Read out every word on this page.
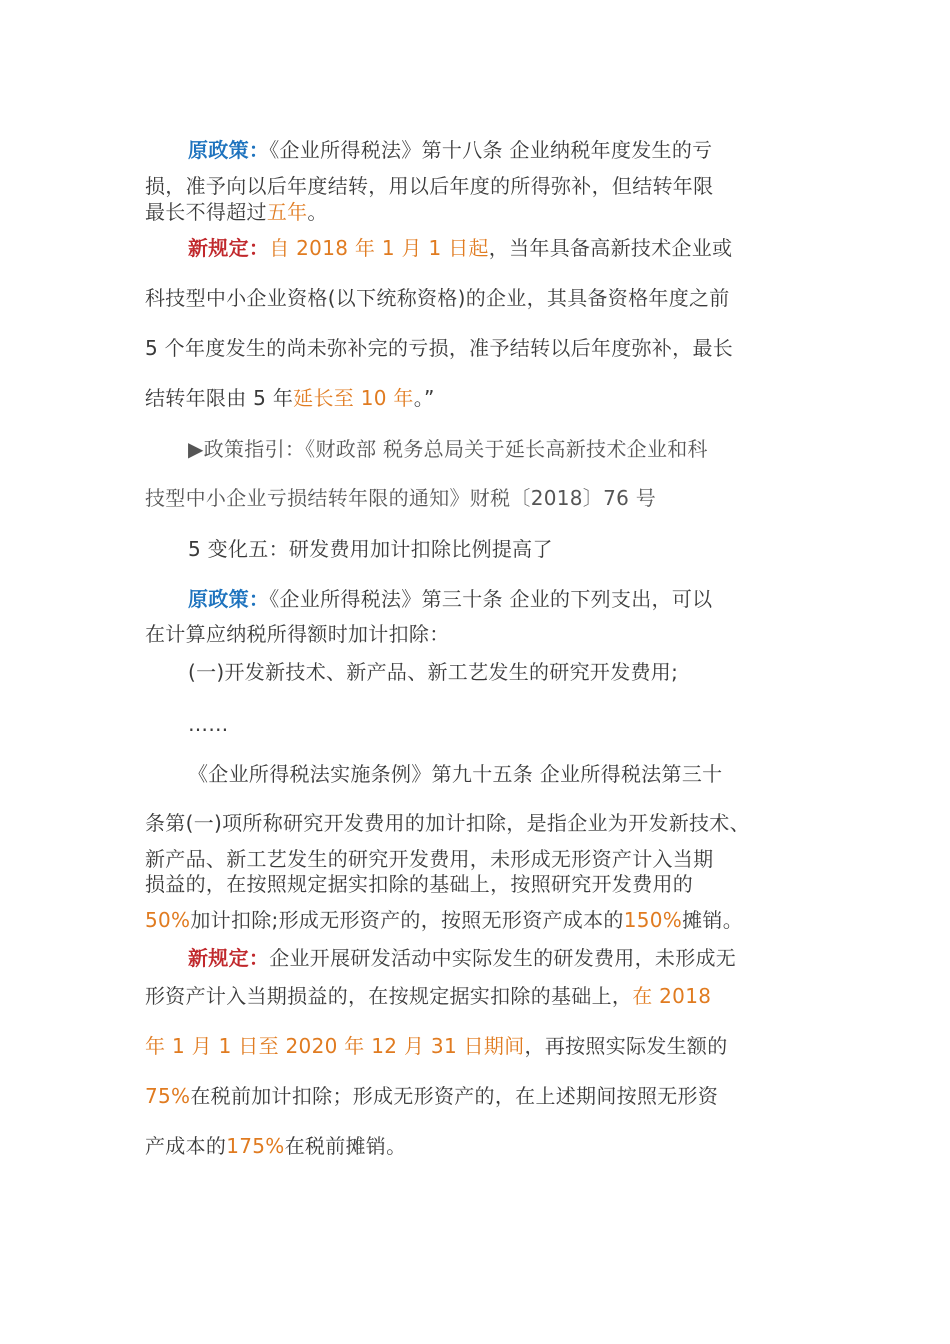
原政策：《企业所得税法》第十八条 企业纳税年度发生的亏
损，准予向以后年度结转，用以后年度的所得弥补，但结转年限
最长不得超过五年。
新规定：自 2018 年 1 月 1 日起，当年具备高新技术企业或
科技型中小企业资格(以下统称资格)的企业，其具备资格年度之前
5 个年度发生的尚未弥补完的亏损，准予结转以后年度弥补，最长
结转年限由 5 年延长至 10 年。”
▶政策指引：《财政部 税务总局关于延长高新技术企业和科
技型中小企业亏损结转年限的通知》财税〔2018〕76 号
5 变化五：研发费用加计扣除比例提高了
原政策：《企业所得税法》第三十条 企业的下列支出，可以
在计算应纳税所得额时加计扣除：
(一)开发新技术、新产品、新工艺发生的研究开发费用;
……
《企业所得税法实施条例》第九十五条 企业所得税法第三十
条第(一)项所称研究开发费用的加计扣除，是指企业为开发新技术、
新产品、新工艺发生的研究开发费用，未形成无形资产计入当期
损益的，在按照规定据实扣除的基础上，按照研究开发费用的
50%加计扣除;形成无形资产的，按照无形资产成本的150%摊销。
新规定：企业开展研发活动中实际发生的研发费用，未形成无
形资产计入当期损益的，在按规定据实扣除的基础上，在 2018
年 1 月 1 日至 2020 年 12 月 31 日期间，再按照实际发生额的
75%在税前加计扣除；形成无形资产的，在上述期间按照无形资
产成本的175%在税前摊销。
